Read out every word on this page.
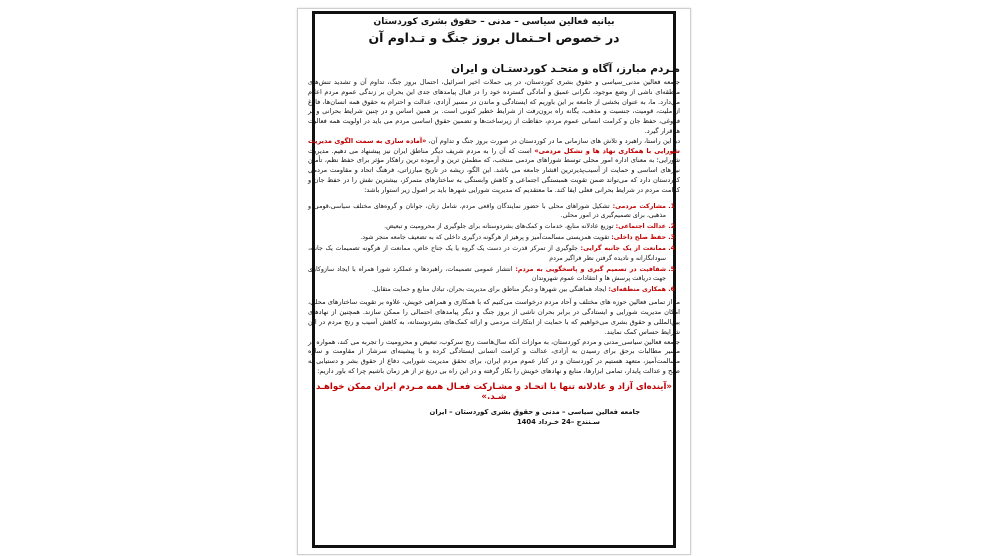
بیانیه فعالین سیاسی – مدنی – حقوق بشری کوردستان
در خصوص احـتمال بروز جنگ و تـداوم آن
مـردم مبارز، آگاه و متحـد کوردستـان و ایران

جامعه فعالین مدنی_سیاسی و حقوق بشری کوردستان، در پی حملات اخیر اسرائیل، احتمال بروز جنگ، تداوم آن و تشدید تنش‌های منطقه‌ای ناشی از وضع موجود، نگرانی عمیق و آمادگی گسترده خود را در قبال پیامدهای جدی این بحران بر زندگی عموم مردم اعلام می‌دارد. ما، به عنوان بخشی از جامعه بر این باوریم که ایستادگی و ماندن در مسیر آزادی، عدالت و احترام به حقوق همه انسان‌ها، فارغ از ملیت، قومیت، جنسیت و مذهب، یگانه راه برون‌رفت از شرایط خطیر کنونی است. بر همین اساس و در چنین شرایط بحرانی و پر فروغی، حفظ جان و کرامت انسانی عموم مردم، حفاظت از زیرساخت‌ها و تضمین حقوق اساسی مردم می باید در اولویت همه فعالیت ها قرار گیرد.

در این راستا، راهبرد و تلاش های سازمانی ما در کوردستان در صورت بروز جنگ و تداوم آن، «آماده سازی به سمت الگوی مدیریت شورایی با همکاری نهاد ها و تشکل مردمی» است که آن را به مردم شریف دیگر مناطق ایران نیز پیشنهاد می دهیم. مدیریت شورایی؛ به معنای اداره امور محلی توسط شوراهای مردمی منتخب، که مطمئن ترین و آزموده ترین راهکار مؤثر برای حفظ نظم، تأمین نیازهای اساسی و حمایت از آسیب‌پذیرترین اقشار جامعه می باشد. این الگو، ریشه در تاریخ مبارزاتی، فرهنگ اتحاد و مقاومت مردمی کوردستان دارد که می‌تواند ضمن تقویت همبستگی اجتماعی و کاهش وابستگی به ساختارهای متمرکز، بیشترین نقش را در حفظ جان و کرامت مردم در شرایط بحرانی فعلی ایفا کند. ما معتقدیم که مدیریت شورایی شهرها باید بر اصول زیر استوار باشد:

1. مشارکت مردمی: تشکیل شوراهای محلی با حضور نمایندگان واقعی مردم، شامل زنان، جوانان و گروه‌های مختلف سیاسی،قومی و مذهبی، برای تصمیم‌گیری در امور محلی.
2. عدالت اجتماعی: توزیع عادلانه منابع، خدمات و کمک‌های بشردوستانه برای جلوگیری از محرومیت و تبعیض.
3. حفظ صلح داخلی: تقویت همزیستی مسالمت‌آمیز و پرهیز از هرگونه درگیری داخلی که به تضعیف جامعه منجر شود.
4. ممانعت از یک جانبه گرایی: جلوگیری از تمرکز قدرت در دست یک گروه یا یک جناح خاص، ممانعت از هرگونه تصمیمات یک جانبه، سودانگارانه و نادیده گرفتن نظر فراگیر مردم
5. شفافیت در تصمیم گیری و پاسخگویی به مردم: انتشار عمومی تصمیمات، راهبردها و عملکرد شورا همراه با ایجاد سازوکاری جهت دریافت پرسش ها و انتقادات عموم شهروندان
6. همکاری منطقه‌ای: ایجاد هماهنگی بین شهرها و دیگر مناطق برای مدیریت بحران، تبادل منابع و حمایت متقابل.

ما از تمامی فعالین حوزه های مختلف و آحاد مردم درخواست می‌کنیم که با همکاری و همراهی خویش، علاوه بر تقویت ساختارهای محلی، امکان مدیریت شورایی و ایستادگی در برابر بحران ناشی از بروز جنگ و دیگر پیامدهای احتمالی را ممکن سازند. همچنین از نهادهای بین‌المللی و حقوق بشری می‌خواهیم که با حمایت از ابتکارات مردمی و ارائه کمک‌های بشردوستانه، به کاهش آسیب و رنج مردم در این شرایط حساس کمک نمایند.

جامعه فعالین سیاسی_مدنی و مردم کوردستان، به موازات آنکه سال‌هاست رنج سرکوب، تبعیض و محرومیت را تجربه می کند، همواره در مسیر مطالبات برحق برای رسیدن به آزادی، عدالت و کرامت انسانی ایستادگی کرده و با پیشینه‌ای سرشار از مقاومت و سازه مسالمت‌آمیز، متعهد هستیم در کوردستان و در کنار عموم مردم ایران، برای تحقق مدیریت شورایی، دفاع از حقوق بشر و دستیابی به صلح و عدالت پایدار، تمامی ابزارها، منابع و نهادهای خویش را بکار گرفته و در این راه بی دریغ تر از هر زمان باشیم چرا که باور داریم:

«آینده‌ای آزاد و عادلانه تنها با اتحـاد و مشـارکت فعـال همه مـردم ایران ممکن خواهـد شـد.»
جامعه فعالین سیاسی – مدنی و حقوق بشری کوردستان – ایران
سـنندج –24 خـرداد 1404
